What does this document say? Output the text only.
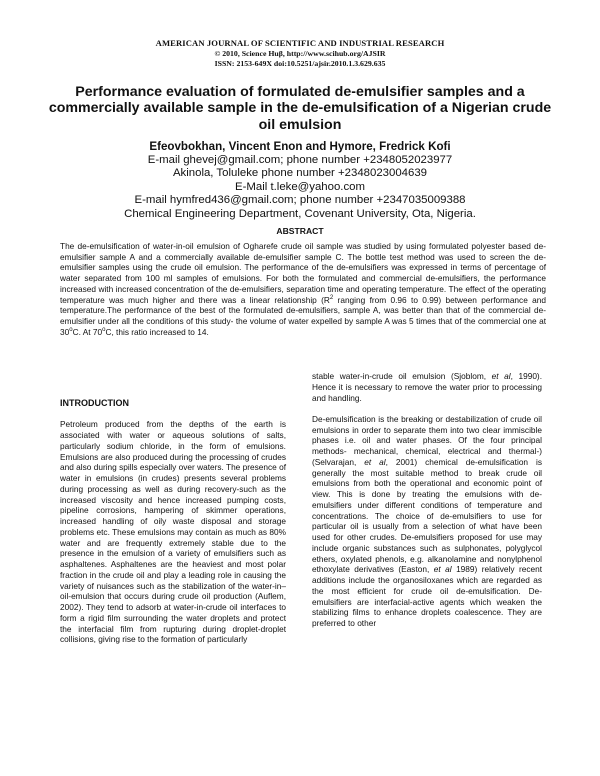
AMERICAN JOURNAL OF SCIENTIFIC AND INDUSTRIAL RESEARCH
© 2010, Science Huβ, http://www.scihub.org/AJSIR
ISSN: 2153-649X doi:10.5251/ajsir.2010.1.3.629.635
Performance evaluation of formulated de-emulsifier samples and a commercially available sample in the de-emulsification of a Nigerian crude oil emulsion
Efeovbokhan, Vincent Enon and Hymore, Fredrick Kofi
E-mail ghevej@gmail.com; phone number +2348052023977
Akinola, Toluleke phone number +2348023004639
E-Mail t.leke@yahoo.com
E-mail hymfred436@gmail.com; phone number +2347035009388
Chemical Engineering Department, Covenant University, Ota, Nigeria.
ABSTRACT
The de-emulsification of water-in-oil emulsion of Ogharefe crude oil sample was studied by using formulated polyester based de-emulsifier sample A and a commercially available de-emulsifier sample C. The bottle test method was used to screen the de-emulsifier samples using the crude oil emulsion. The performance of the de-emulsifiers was expressed in terms of percentage of water separated from 100 ml samples of emulsions. For both the formulated and commercial de-emulsifiers, the performance increased with increased concentration of the de-emulsifiers, separation time and operating temperature. The effect of the operating temperature was much higher and there was a linear relationship ($R^2$ ranging from 0.96 to 0.99) between performance and temperature.The performance of the best of the formulated de-emulsifiers, sample A, was better than that of the commercial de-emulsifier under all the conditions of this study- the volume of water expelled by sample A was 5 times that of the commercial one at 30$^o$C. At 70$^o$C, this ratio increased to 14.
INTRODUCTION

Petroleum produced from the depths of the earth is associated with water or aqueous solutions of salts, particularly sodium chloride, in the form of emulsions. Emulsions are also produced during the processing of crudes and also during spills especially over waters. The presence of water in emulsions (in crudes) presents several problems during processing as well as during recovery-such as the increased viscosity and hence increased pumping costs, pipeline corrosions, hampering of skimmer operations, increased handling of oily waste disposal and storage problems etc. These emulsions may contain as much as 80% water and are frequently extremely stable due to the presence in the emulsion of a variety of emulsifiers such as asphaltenes. Asphaltenes are the heaviest and most polar fraction in the crude oil and play a leading role in causing the variety of nuisances such as the stabilization of the water-in–oil-emulsion that occurs during crude oil production (Auflem, 2002). They tend to adsorb at water-in-crude oil interfaces to form a rigid film surrounding the water droplets and protect the interfacial film from rupturing during droplet-droplet collisions, giving rise to the formation of particularly

stable water-in-crude oil emulsion (Sjoblom, et al, 1990). Hence it is necessary to remove the water prior to processing and handling.

De-emulsification is the breaking or destabilization of crude oil emulsions in order to separate them into two clear immiscible phases i.e. oil and water phases. Of the four principal methods- mechanical, chemical, electrical and thermal-) (Selvarajan, et al, 2001) chemical de-emulsification is generally the most suitable method to break crude oil emulsions from both the operational and economic point of view. This is done by treating the emulsions with de-emulsifiers under different conditions of temperature and concentrations. The choice of de-emulsifiers to use for particular oil is usually from a selection of what have been used for other crudes. De-emulsifiers proposed for use may include organic substances such as sulphonates, polyglycol ethers, oxylated phenols, e.g. alkanolamine and nonylphenol ethoxylate derivatives (Easton, et al 1989) relatively recent additions include the organosiloxanes which are regarded as the most efficient for crude oil de-emulsification. De-emulsifiers are interfacial-active agents which weaken the stabilizing films to enhance droplets coalescence. They are preferred to other
